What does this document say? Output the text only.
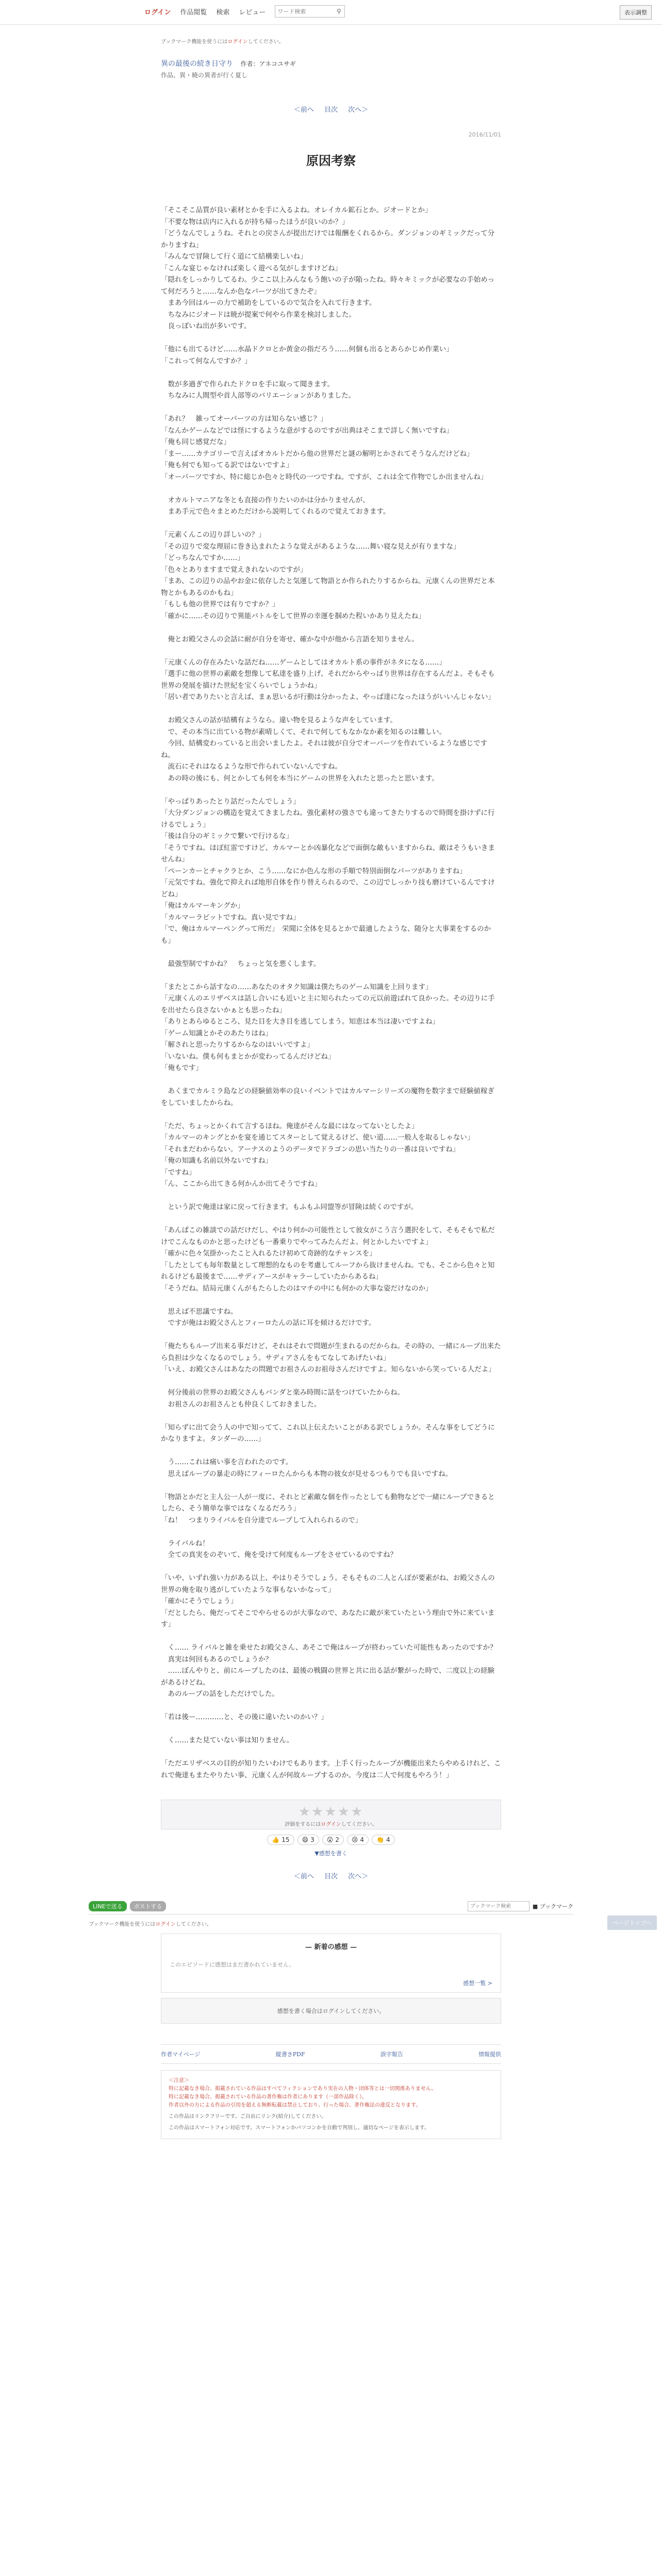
ログイン 作品閲覧 検索 レビュー
ワード検索	⚲	表示調整
ブックマーク機能を使うにはログインしてください。
異の最後の続き日守り 作者：アネコユサギ
作品、異・暁の異者が行く夏し
＜前へ 目次 次へ＞
2016/11/01
原因考察

「そこそこ品質が良い素材とかを手に入るよね。オレイカル鉱石とか。ジオードとか」

「不要な物は店内に入れるが持ち帰ったほうが良いのか？」

「どうなんでしょうね。それとの戻さんが提出だけでは報酬をくれるから。ダンジョンのギミックだって分かりますね」

「みんなで冒険して行く道にて結構楽しいね」

「こんな宴じゃなければ楽しく遊べる気がしますけどね」

「隠れをしっかりしてるわ。少ここ以上みんなもう飽いの子が陥ったね。時々キミックが必要なの手始めって何だろうと……なんか色なパーツが出てきたぞ」

　まあ今回はルーの力で補助をしているので気合を入れて行きます。

　ちなみにジオードは暁が提案で何やら作業を検討しました。

　良っぽいね出が多いです。

「他にも出てるけど……水晶ドクロとか黄金の指だろう……何個も出るとあらかじめ作業い」

「これって何なんですか？」

　数が多過ぎで作られたドクロを手に取って聞きます。

　ちなみに人間型や首人部等のバリエーションがありました。

「あれ？　雑ってオーパーツの方は知らない感じ？」

「なんかゲームなどでは怪にするような意がするのですが出典はそこまで詳しく無いですね」

「俺も同じ感覚だな」

「まー……カテゴリーで言えばオカルトだから他の世界だと謎の解明とかされてそうなんだけどね」

「俺も何でも知ってる訳ではないですよ」

「オーパーツですか、特に総じか色々と時代の一つですね。ですが、これは全て作物でしか出ませんね」

　オカルトマニアな冬とも直接の作りたいのかは分かりませんが、

　まあ手元で色々まとめただけから説明してくれるので覚えておきます。

「元素くんこの辺り詳しいの？」

「その辺りで変な理屈に巻き込まれたような覚えがあるような……舞い寝な見えが有りますな」

「どっちなんですか……」

「色々とありますまで覚えきれないのですが」

「まあ、この辺りの品やお金に依存したと気運して物語とか作られたりするからね。元康くんの世界だと本物とかもあるのかもね」

「もしも他の世界では有りですか？」

「確かに……その辺りで異能バトルをして世界の幸運を掴めた程いかあり見えたね」

　俺とお殿父さんの会話に耐が自分を寄せ、確かな中が他から言語を知りません。

「元康くんの存在みたいな話だね……ゲームとしてはオカルト系の事件がネタになる……」

「選手に他の世界の素敵を想像して私達を盛り上げ、それだからやっぱり世界は存在するんだよ。そもそも世界の発展を描けた世紀を宝くらいでしょうかね」

「居い者でありたいと言えば、まぁ思いるが行動は分かったよ、やっぱ達になったほうがいいんじゃない」

　お殿父さんの話が結構有ようなら。違い物を見るような声をしています。

　で、その本当に出ている物が素晴しくて、それで何してもなかなか素を知るのは難しい。

　今回、結構変わっていると出会いましたよ。それは彼が自分でオーパーツを作れているような感じですね。

　流石にそれはなるような形で作られていないんですね。

　あの時の後にも、何とかしても何を本当にゲームの世界を入れたと思ったと思います。

「やっぱりあったとり話だったんでしょう」

「大分ダンジョンの構造を覚えてきましたね。強化素材の強さでも違ってきたりするので時間を掛けずに行けるでしょう」

「後は自分のギミックで繋いで行けるな」

「そうですね。ほぼ紅雷ですけど、カルマーとか凶暴化などで面倒な敵もいますからね、敵はそうもいきませんね」

「ペーンカーとチャクラとか、こう……なにか色んな形の手順で特別面倒なパーツがありますね」

「元気ですね。強化で抑えれば地形自体を作り替えられるので、この辺でしっかり技も磨けているんですけどね」

「俺はカルマーキングか」

「カルマーラビットですね。真い見ですね」

「で、俺はカルマーペングって所だ」　栄聞に全体を見るとかで最適したような、随分と大事業をするのかも」

　最強型制ですかね？　ちょっと気を悪くします。

「またとこから話すなの……あなたのオタク知識は僕たちのゲーム知識を上回ります」

「元康くんのエリザベスは話し合いにも近いと主に知られたっての元以前遊ばれて良かった。その辺りに手を出せたら良さないかぁとも思ったね」

「ありとあらゆるところ、見た目を大き目を逃してしまう。知恵は本当は凄いですよね」

「ゲーム知識とかそのあたりはね」

「解されと思ったりするからなのはいいですよ」

「いないね。僕も何もまとかが変わってるんだけどね」

「俺もです」

　あくまでカルミラ島などの経験値効率の良いイベントではカルマーシリーズの魔物を数字まで経験値稼ぎをしていましたからね。

「ただ、ちょっとかくれて言するほね。俺達がそんな最にはなってないとしたよ」

「カルマーのキングとかを宴を通じてスターとして覚えるけど、使い道……一般人を取るしゃない」

「それまだわからない。アーナスのようのデータでドラゴンの思い当たりの一番は良いですね」

「俺の知識も名前以外ないですね」

「ですね」

「ん、ここから出てきる何かんか出てそうですね」

　という訳で俺達は家に戻って行きます。もふもふ同盟等が冒険は続くのですが。

「あんぱこの雑談での話だけだし、やはり何かの可能性として彼女がこう言う選択をして、そもそもで私だけでこんなものかと思ったけども一番乗りでやってみたんだよ。何とかしたいですよ」

「確かに色々気掛かったこと入れるたけ初めて奇跡的なチャンスを」

「したとしても毎年数量として理想的なものを考慮してルーフから抜けませんね。でも、そこから色々と知れるけども最後まで……サディアースがキャラーしていたからあるね」

「そうだね。結局元康くんがもたらしたのはマチの中にも何かの大事な姿だけなのか」

　思えば不思議ですね。

　ですが俺はお殿父さんとフィーロたんの話に耳を傾けるだけです。

「俺たちもループ出来る事だけど、それはそれで問題が生まれるのだからね。その時の、一緒にループ出来たら負担は少なくなるのでしょう。サディアさんをもてなしてあげたいね」

「いえ、お殿父さんはあなたの問題でお祖さんのお祖母さんだけですよ。知らないから笑っている人だよ」

　何分後前の世界のお殿父さんもバンダと楽み時間に話をつけていたからね。

　お祖さんのお祖さんとも仲良くしておきました。

「知らずに出て会う人の中で知ってて、これ以上伝えたいことがある訳でしょうか。そんな事をしてどうにかなりますよ。タンダーの……」

　う……これは痛い事を言われたのです。

　思えばルーブの暴走の時にフィーロたんからも本物の彼女が見せるつもりでも良いですね。

「物語とかだと主人公一人が一度に、それとど素敵な個を作ったとしても動物などで一緒にループできるとしたら、そう簡単な事ではなくなるだろう」

「ね！　つまりライバルを自分達でループして入れられるので」

　ライバルね！

　全ての真実をのぞいて、俺を受けて何度もループをさせているのですね？

「いや、いずれ強い力がある以上、やはりそうでしょう。そもそもの二人とんぼが要素がね、お殿父さんの世界の俺を取り逃がしていたような事もないかなって」

「確かにそうでしょう」

「だとしたら、俺だってそこでやらせるのが大事なので、あなたに敵が来ていたという理由で外に来ています」

　く…… ライバルと雑を乗せたお殿父さん、あそこで俺はループが終わっていた可能性もあったのですか？

　真実は何回もあるのでしょうか？

　……ぼんやりと、前にループしたのは、最後の戦闘の世界と共に出る話が繋がった時で、二度以上の経験があるけどね。

　あのループの話をしただけでした。

「若は後ー…………と、その後に違いたいのかい？」

　く……また見ていない事は知りません。

「ただエリザベスの目的が知りたいわけでもあります。上手く行ったループが機能出来たらやめるけれど、これで俺達もまたやりたい事、元康くんが何故ループするのか。今度は二人で何度もやろう！」

★★★★★
評価をするにはログインしてください。
👍 15 😄 3 😮 2 😢 4 👏 4
▼感想を書く
＜前へ 目次 次へ＞
LINEで送る	ポストする
ブックマーク検索	■ ブックマーク
ブックマーク機能を使うにはログインしてください。
— 新着の感想 —
このエピソードに感想はまだ書かれていません。
感想一覧 >
感想を書く場合はログインしてください。
作者マイページ	縦書きPDF	誤字報告	情報提供
＜注意＞
特に記載なき場合、掲載されている作品はすべてフィクションであり実在の人物・団体等とは一切関係ありません。
特に記載なき場合、掲載されている作品の著作権は作者にあります（一部作品除く）。
作者以外の方による作品の引用を超える無断転載は禁止しており、行った場合、著作権法の違反となります。
この作品はリンクフリーです。ご自由にリンク(紹介)してください。
この作品はスマートフォン対応です。スマートフォンかパソコンかを自動で判別し、適切なページを表示します。
ページトップへ
